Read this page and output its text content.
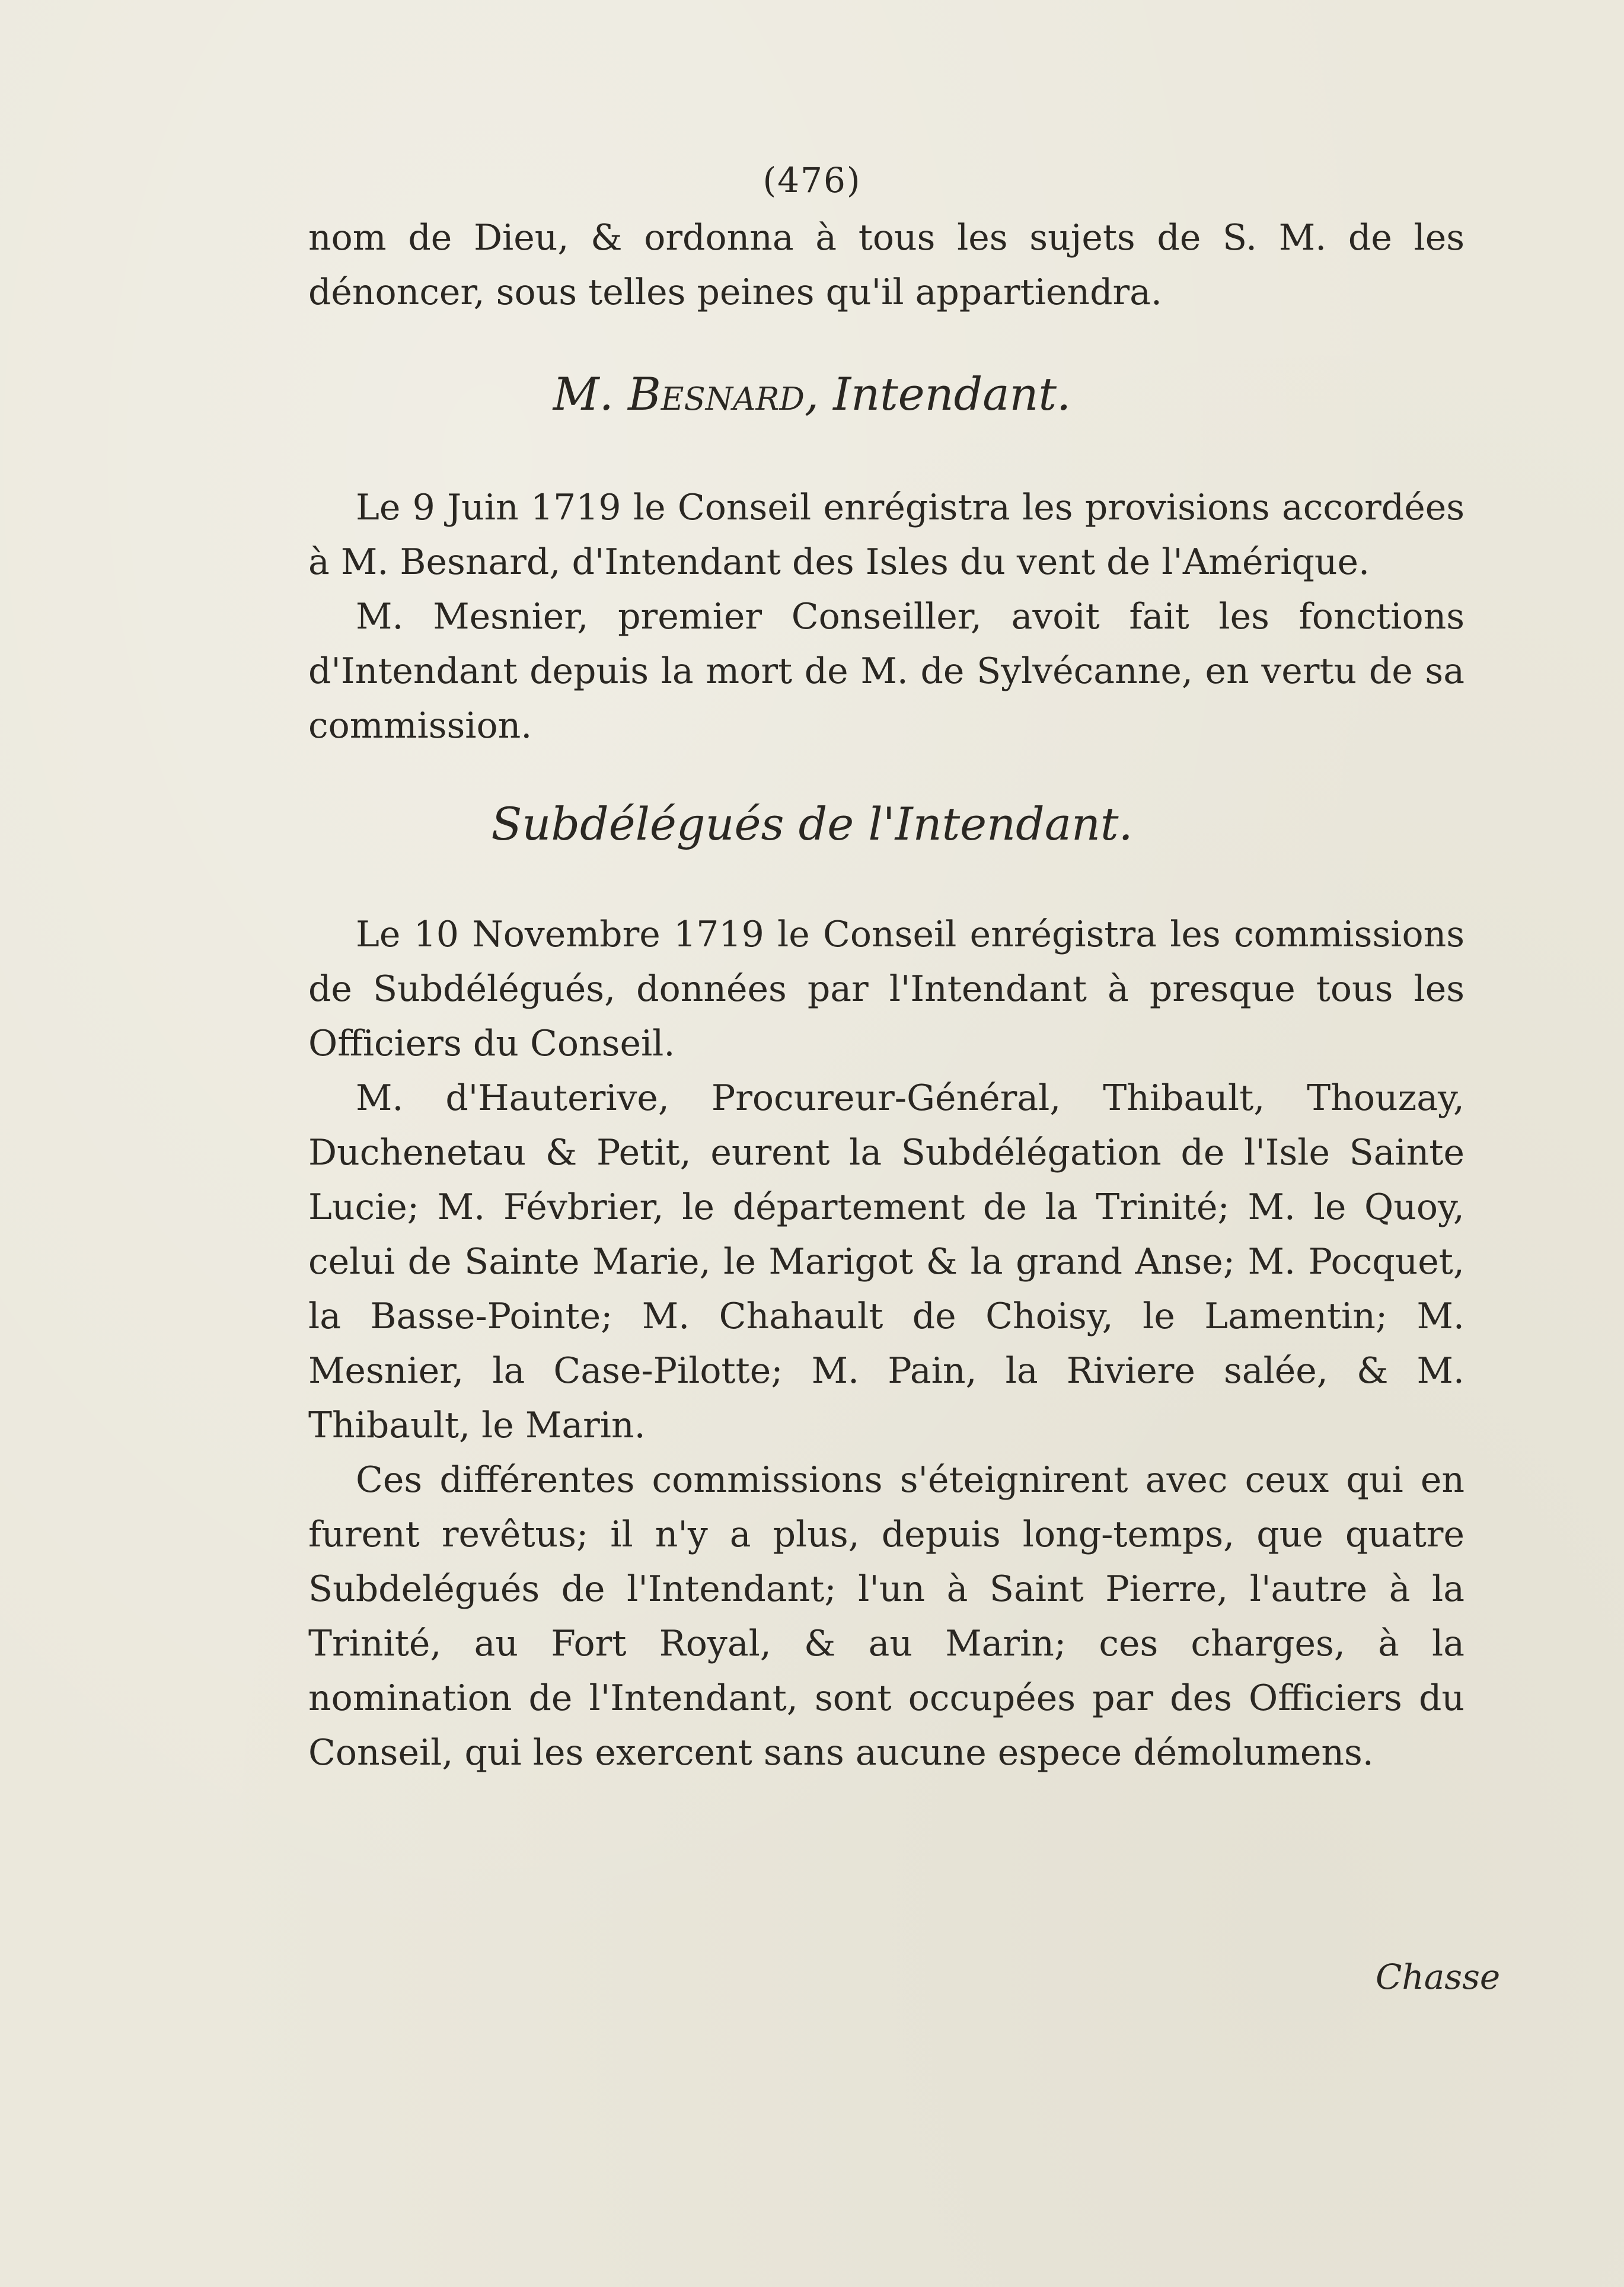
(476)

nom de Dieu, & ordonna à tous les sujets de S. M. de les dénoncer, sous telles peines qu'il appartiendra.

M. Besnard, Intendant.

Le 9 Juin 1719 le Conseil enrégistra les provisions accordées à M. Besnard, d'Intendant des Isles du vent de l'Amérique.

M. Mesnier, premier Conseiller, avoit fait les fonctions d'Intendant depuis la mort de M. de Sylvécanne, en vertu de sa commission.

Subdélégués de l'Intendant.

Le 10 Novembre 1719 le Conseil enrégistra les commissions de Subdélégués, données par l'Intendant à presque tous les Officiers du Conseil.

M. d'Hauterive, Procureur-Général, Thibault, Thouzay, Duchenetau & Petit, eurent la Subdélégation de l'Isle Sainte Lucie; M. Févbrier, le département de la Trinité; M. le Quoy, celui de Sainte Marie, le Marigot & la grand Anse; M. Pocquet, la Basse-Pointe; M. Chahault de Choisy, le Lamentin; M. Mesnier, la Case-Pilotte; M. Pain, la Riviere salée, & M. Thibault, le Marin.

Ces différentes commissions s'éteignirent avec ceux qui en furent revêtus; il n'y a plus, depuis long-temps, que quatre Subdelégués de l'Intendant; l'un à Saint Pierre, l'autre à la Trinité, au Fort Royal, & au Marin; ces charges, à la nomination de l'Intendant, sont occupées par des Officiers du Conseil, qui les exercent sans aucune espece démolumens.

Chasse
